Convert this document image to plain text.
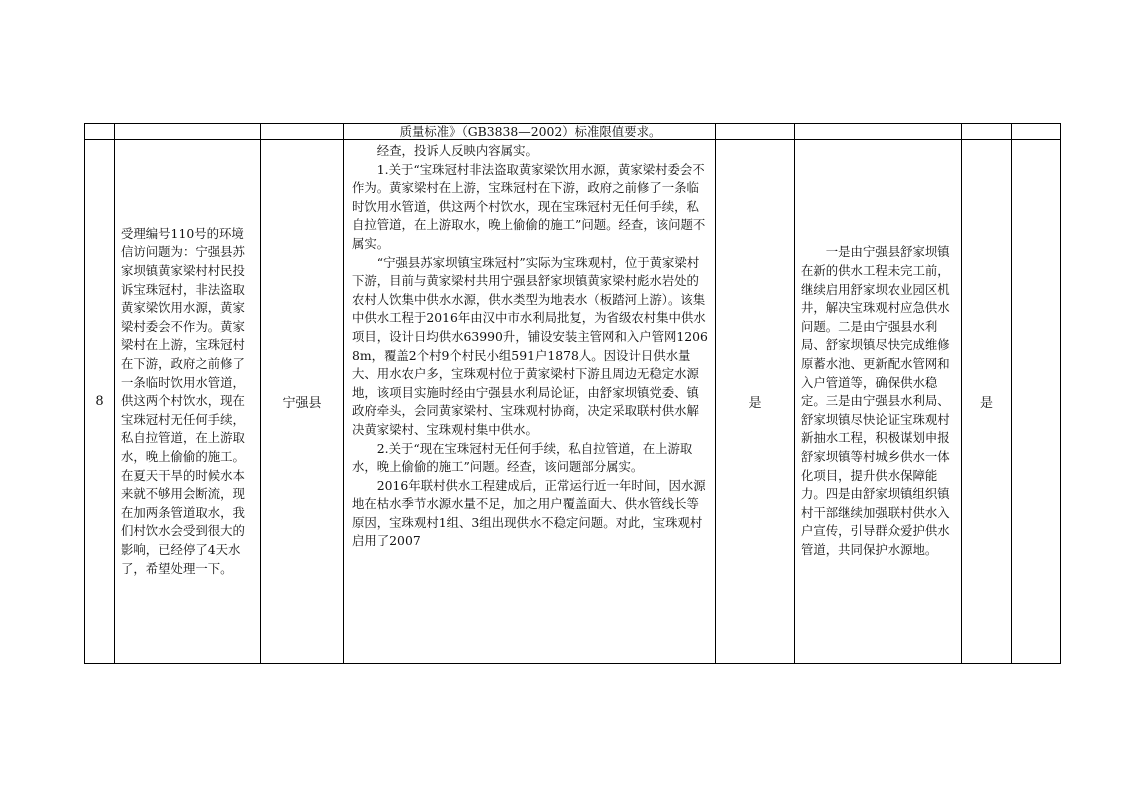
			质量标准》（GB3838—2002）标准限值要求。				
8	受理编号110号的环境信访问题为：宁强县苏家坝镇黄家梁村村民投诉宝珠冠村，非法盗取黄家梁饮用水源，黄家梁村委会不作为。黄家梁村在上游，宝珠冠村在下游，政府之前修了一条临时饮用水管道，供这两个村饮水，现在宝珠冠村无任何手续，私自拉管道，在上游取水，晚上偷偷的施工。在夏天干旱的时候水本来就不够用会断流，现在加两条管道取水，我们村饮水会受到很大的影响，已经停了4天水了，希望处理一下。	宁强县	　　经查，投诉人反映内容属实。
　　1.关于“宝珠冠村非法盗取黄家梁饮用水源，黄家梁村委会不作为。黄家梁村在上游，宝珠冠村在下游，政府之前修了一条临时饮用水管道，供这两个村饮水，现在宝珠冠村无任何手续，私自拉管道，在上游取水，晚上偷偷的施工”问题。经查，该问题不属实。
　　“宁强县苏家坝镇宝珠冠村”实际为宝珠观村，位于黄家梁村下游，目前与黄家梁村共用宁强县舒家坝镇黄家梁村彪水岩处的农村人饮集中供水水源，供水类型为地表水（板踏河上游）。该集中供水工程于2016年由汉中市水利局批复，为省级农村集中供水项目，设计日均供水63990升，铺设安装主管网和入户管网12068m，覆盖2个村9个村民小组591户1878人。因设计日供水量大、用水农户多，宝珠观村位于黄家梁村下游且周边无稳定水源地，该项目实施时经由宁强县水利局论证，由舒家坝镇党委、镇政府牵头，会同黄家梁村、宝珠观村协商，决定采取联村供水解决黄家梁村、宝珠观村集中供水。
　　2.关于“现在宝珠冠村无任何手续，私自拉管道，在上游取水，晚上偷偷的施工”问题。经查，该问题部分属实。
　　2016年联村供水工程建成后，正常运行近一年时间，因水源地在枯水季节水源水量不足，加之用户覆盖面大、供水管线长等原因，宝珠观村1组、3组出现供水不稳定问题。对此，宝珠观村启用了2007	是	　　一是由宁强县舒家坝镇在新的供水工程未完工前，继续启用舒家坝农业园区机井，解决宝珠观村应急供水问题。二是由宁强县水利局、舒家坝镇尽快完成维修原蓄水池、更新配水管网和入户管道等，确保供水稳定。三是由宁强县水利局、舒家坝镇尽快论证宝珠观村新抽水工程，积极谋划申报舒家坝镇等村城乡供水一体化项目，提升供水保障能力。四是由舒家坝镇组织镇村干部继续加强联村供水入户宣传，引导群众爱护供水管道，共同保护水源地。	是	
